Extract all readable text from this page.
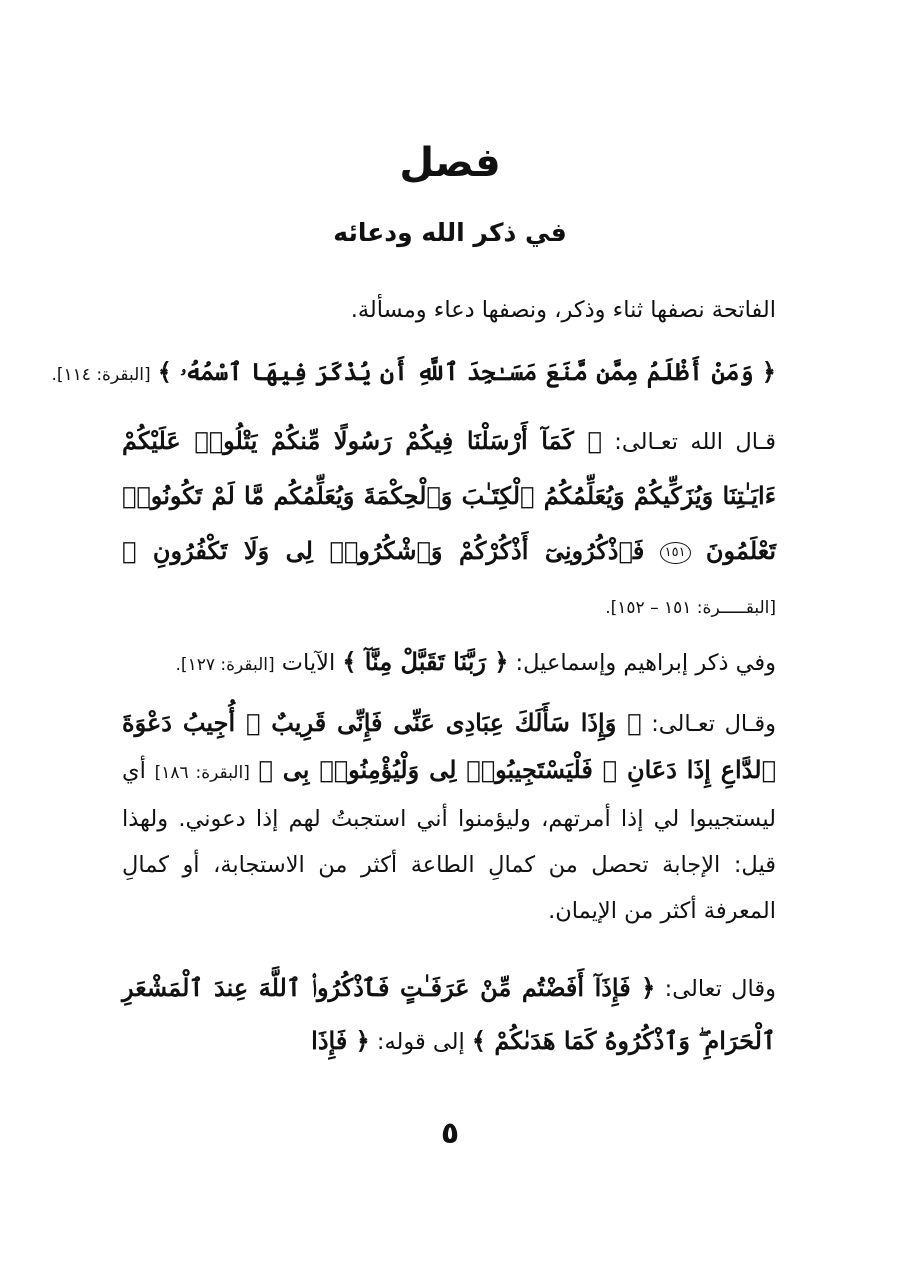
فصل
في ذكر الله ودعائه
الفاتحة نصفها ثناء وذكر، ونصفها دعاء ومسألة.
﴿ وَمَنْ أَظْلَمُ مِمَّن مَّنَعَ مَسَـٰجِدَ ٱللَّهِ أَن يُذْكَرَ فِيهَا ٱسْمُهُۥ ﴾ [البقرة: ١١٤].
قـال الله تعـالى: ﴿ كَمَآ أَرْسَلْنَا فِيكُمْ رَسُولًا مِّنكُمْ يَتْلُوا۟ عَلَيْكُمْ ءَايَـٰتِنَا وَيُزَكِّيكُمْ وَيُعَلِّمُكُمُ ٱلْكِتَـٰبَ وَٱلْحِكْمَةَ وَيُعَلِّمُكُم مَّا لَمْ تَكُونُوا۟ تَعْلَمُونَ ١٥١ فَٱذْكُرُونِىٓ أَذْكُرْكُمْ وَٱشْكُرُوا۟ لِى وَلَا تَكْفُرُونِ ﴾ [البقـــــرة: ١٥١ – ١٥٢].
وفي ذكر إبراهيم وإسماعيل: ﴿ رَبَّنَا تَقَبَّلْ مِنَّآ ﴾ الآيات [البقرة: ١٢٧].
وقـال تعـالى: ﴿ وَإِذَا سَأَلَكَ عِبَادِى عَنِّى فَإِنِّى قَرِيبٌ ۖ أُجِيبُ دَعْوَةَ ٱلدَّاعِ إِذَا دَعَانِ ۖ فَلْيَسْتَجِيبُوا۟ لِى وَلْيُؤْمِنُوا۟ بِى ﴾ [البقرة: ١٨٦] أي ليستجيبوا لي إذا أمرتهم، وليؤمنوا أني استجبتُ لهم إذا دعوني. ولهذا قيل: الإجابة تحصل من كمالِ الطاعة أكثر من الاستجابة، أو كمالِ المعرفة أكثر من الإيمان.
وقال تعالى: ﴿ فَإِذَآ أَفَضْتُم مِّنْ عَرَفَـٰتٍ فَٱذْكُرُوا۟ ٱللَّهَ عِندَ ٱلْمَشْعَرِ ٱلْحَرَامِ ۖ وَٱذْكُرُوهُ كَمَا هَدَىٰكُمْ ﴾ إلى قوله: ﴿ فَإِذَا
٥
